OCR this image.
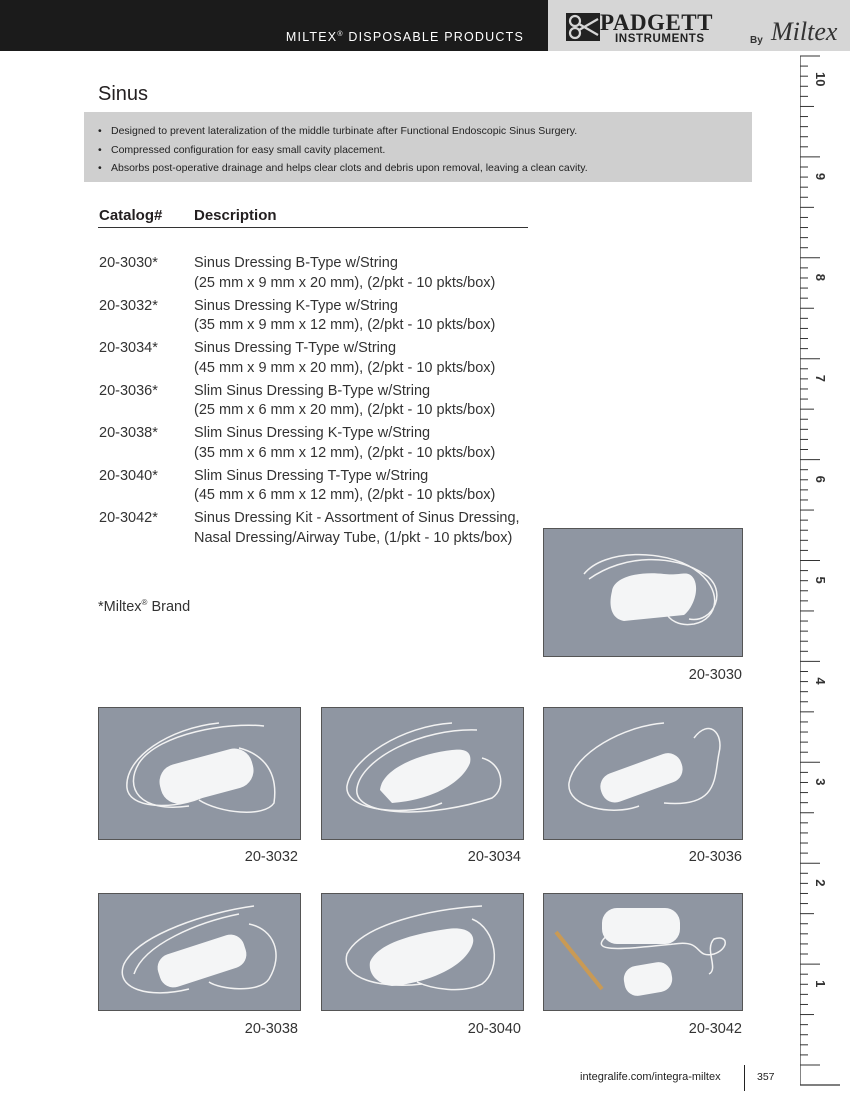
MILTEX® DISPOSABLE PRODUCTS
PADGETT
INSTRUMENTS	By Miltex
Sinus
• Designed to prevent lateralization of the middle turbinate after Functional Endoscopic Sinus Surgery.
• Compressed configuration for easy small cavity placement.
• Absorbs post-operative drainage and helps clear clots and debris upon removal, leaving a clean cavity.
Catalog# Description
20-3030* Sinus Dressing B-Type w/String
(25 mm x 9 mm x 20 mm), (2/pkt - 10 pkts/box)
20-3032* Sinus Dressing K-Type w/String
(35 mm x 9 mm x 12 mm), (2/pkt - 10 pkts/box)
20-3034* Sinus Dressing T-Type w/String
(45 mm x 9 mm x 20 mm), (2/pkt - 10 pkts/box)
20-3036* Slim Sinus Dressing B-Type w/String
(25 mm x 6 mm x 20 mm), (2/pkt - 10 pkts/box)
20-3038* Slim Sinus Dressing K-Type w/String
(35 mm x 6 mm x 12 mm), (2/pkt - 10 pkts/box)
20-3040* Slim Sinus Dressing T-Type w/String
(45 mm x 6 mm x 12 mm), (2/pkt - 10 pkts/box)
20-3042* Sinus Dressing Kit - Assortment of Sinus Dressing,
Nasal Dressing/Airway Tube, (1/pkt - 10 pkts/box)
*Miltex® Brand
20-3030
20-3032	20-3034	20-3036
20-3038	20-3040	20-3042
integralife.com/integra-miltex	357
10
9
8
7
6
5
4
3
2
1
